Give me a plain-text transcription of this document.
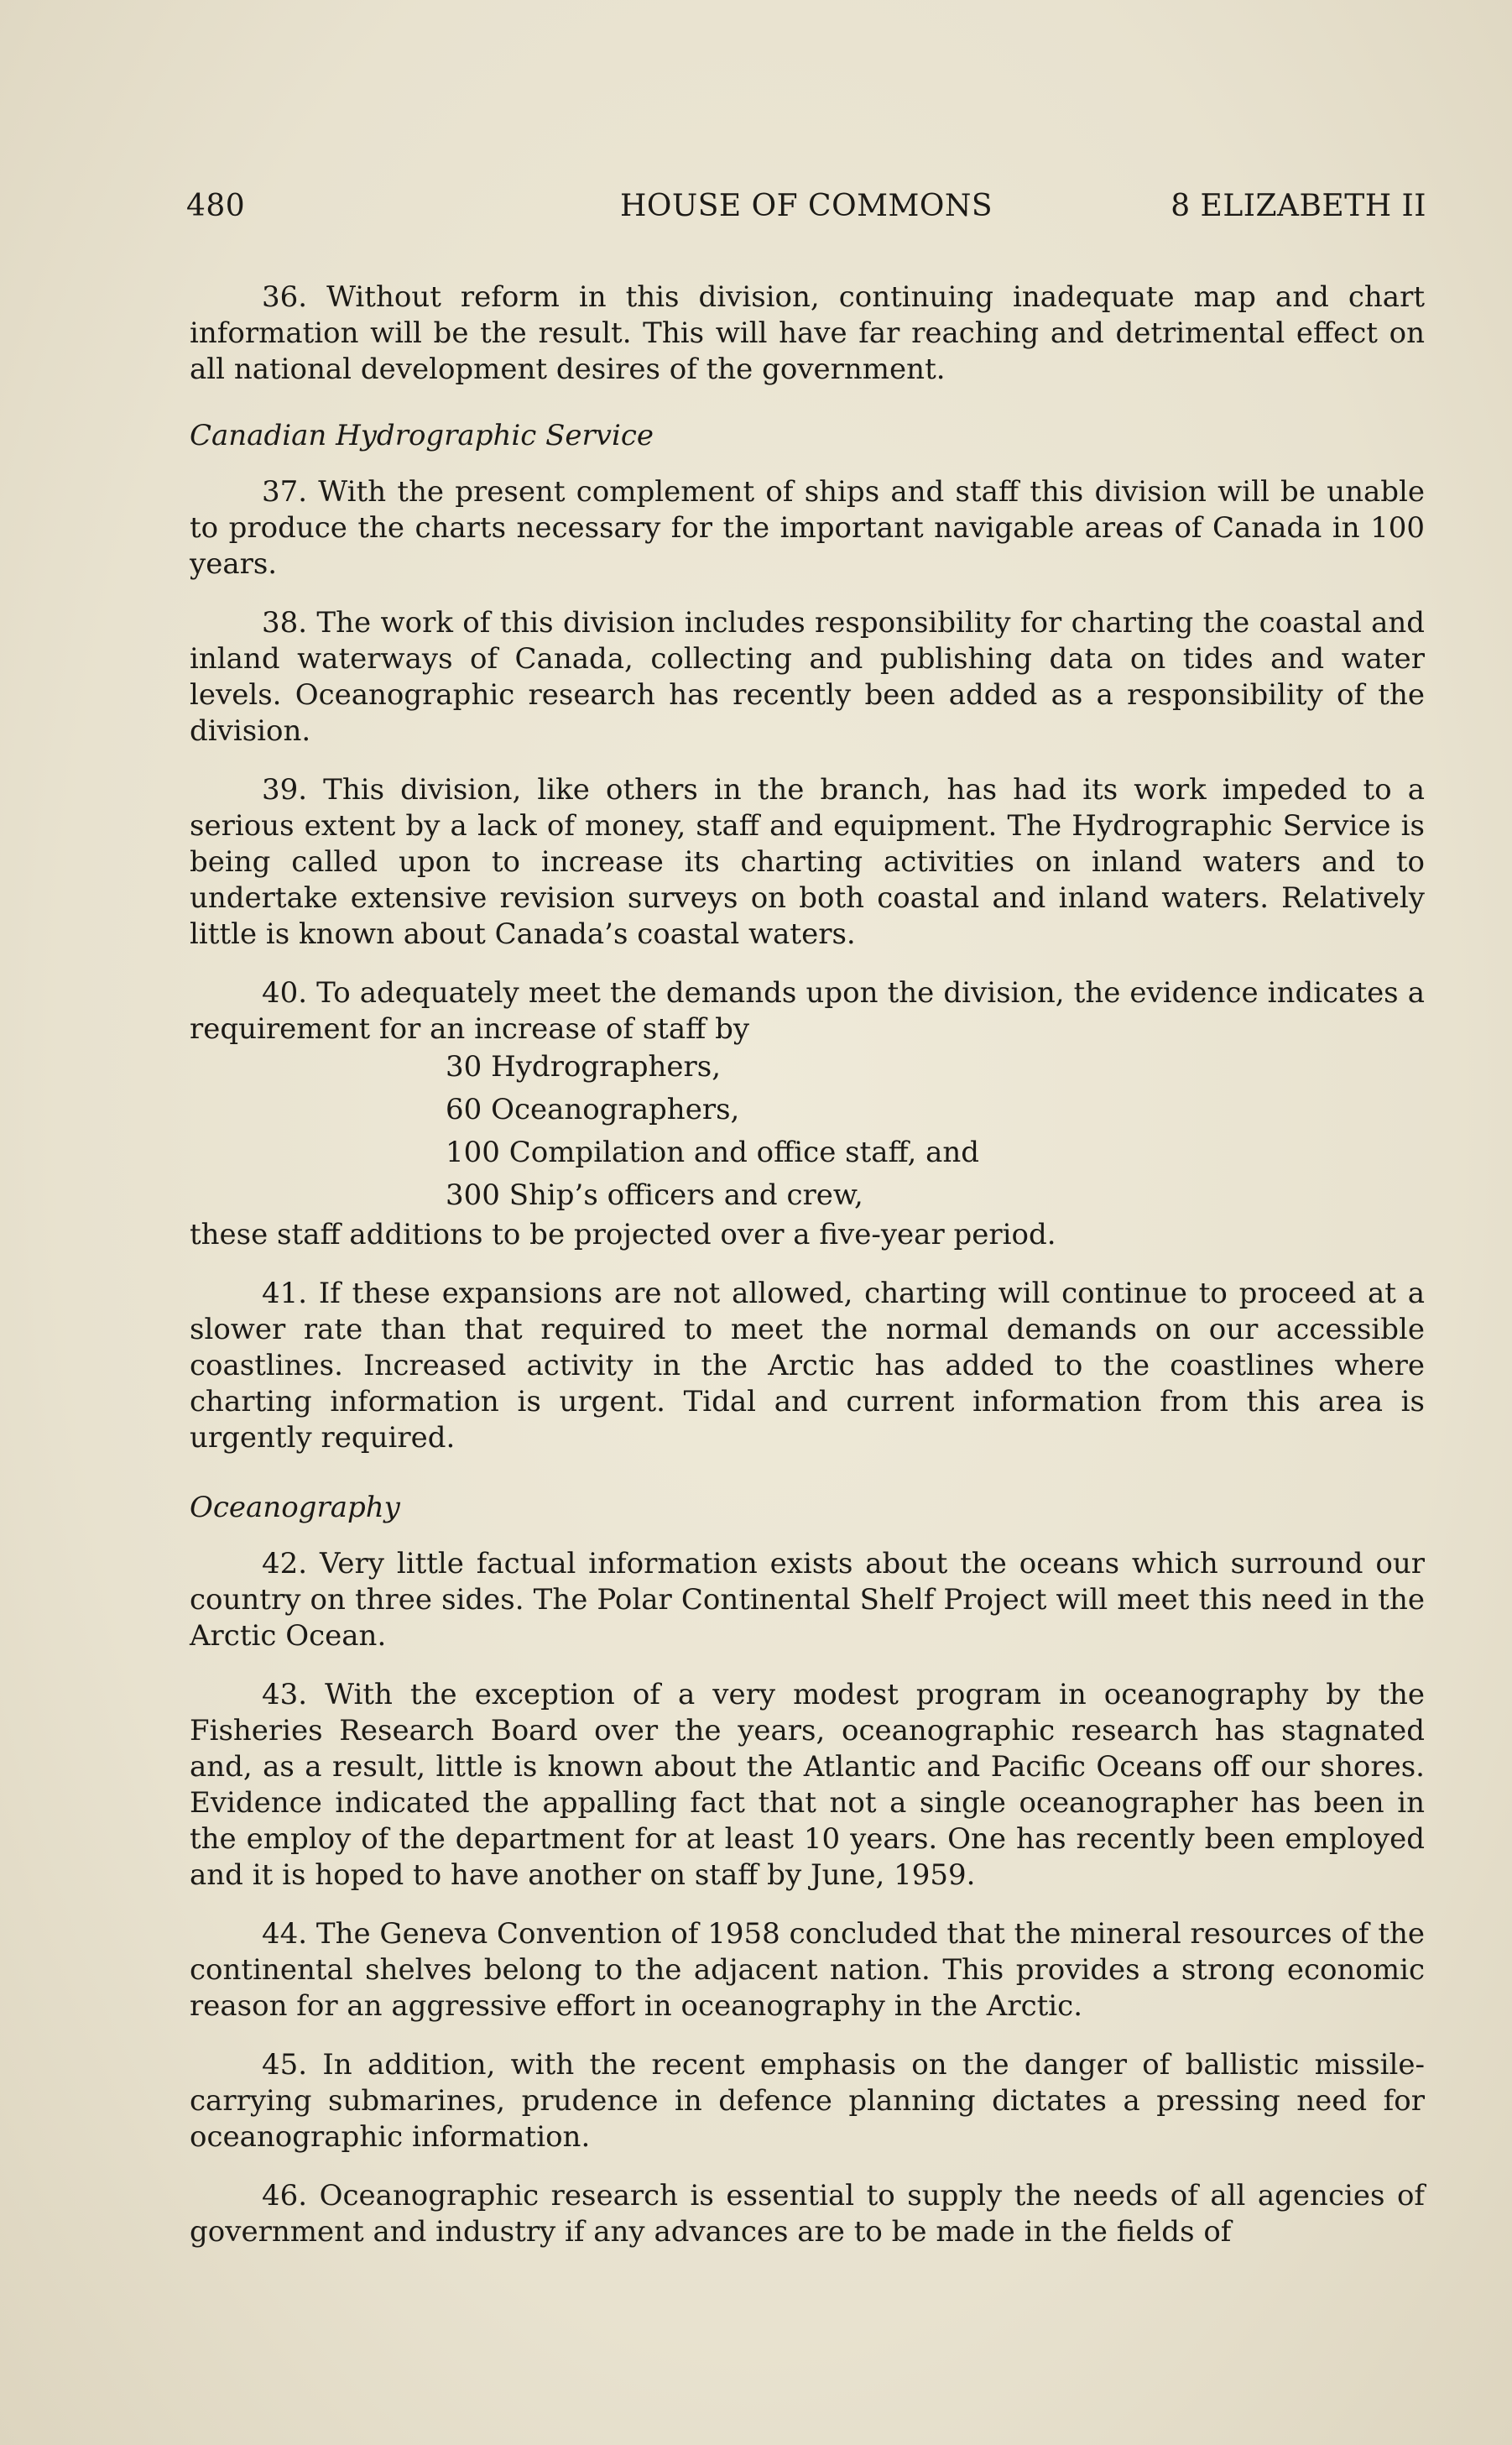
480	HOUSE OF COMMONS	8 ELIZABETH II

36. Without reform in this division, continuing inadequate map and chart information will be the result. This will have far reaching and detrimental effect on all national development desires of the government.

Canadian Hydrographic Service

37. With the present complement of ships and staff this division will be unable to produce the charts necessary for the important navigable areas of Canada in 100 years.

38. The work of this division includes responsibility for charting the coastal and inland waterways of Canada, collecting and publishing data on tides and water levels. Oceanographic research has recently been added as a responsibility of the division.

39. This division, like others in the branch, has had its work impeded to a serious extent by a lack of money, staff and equipment. The Hydrographic Service is being called upon to increase its charting activities on inland waters and to undertake extensive revision surveys on both coastal and inland waters. Relatively little is known about Canada’s coastal waters.

40. To adequately meet the demands upon the division, the evidence indicates a requirement for an increase of staff by

30 Hydrographers,
60 Oceanographers,
100 Compilation and office staff, and
300 Ship’s officers and crew,

these staff additions to be projected over a five-year period.

41. If these expansions are not allowed, charting will continue to proceed at a slower rate than that required to meet the normal demands on our accessible coastlines. Increased activity in the Arctic has added to the coastlines where charting information is urgent. Tidal and current information from this area is urgently required.

Oceanography

42. Very little factual information exists about the oceans which surround our country on three sides. The Polar Continental Shelf Project will meet this need in the Arctic Ocean.

43. With the exception of a very modest program in oceanography by the Fisheries Research Board over the years, oceanographic research has stagnated and, as a result, little is known about the Atlantic and Pacific Oceans off our shores. Evidence indicated the appalling fact that not a single oceanographer has been in the employ of the department for at least 10 years. One has recently been employed and it is hoped to have another on staff by June, 1959.

44. The Geneva Convention of 1958 concluded that the mineral resources of the continental shelves belong to the adjacent nation. This provides a strong economic reason for an aggressive effort in oceanography in the Arctic.

45. In addition, with the recent emphasis on the danger of ballistic missile-carrying submarines, prudence in defence planning dictates a pressing need for oceanographic information.

46. Oceanographic research is essential to supply the needs of all agencies of government and industry if any advances are to be made in the fields of
